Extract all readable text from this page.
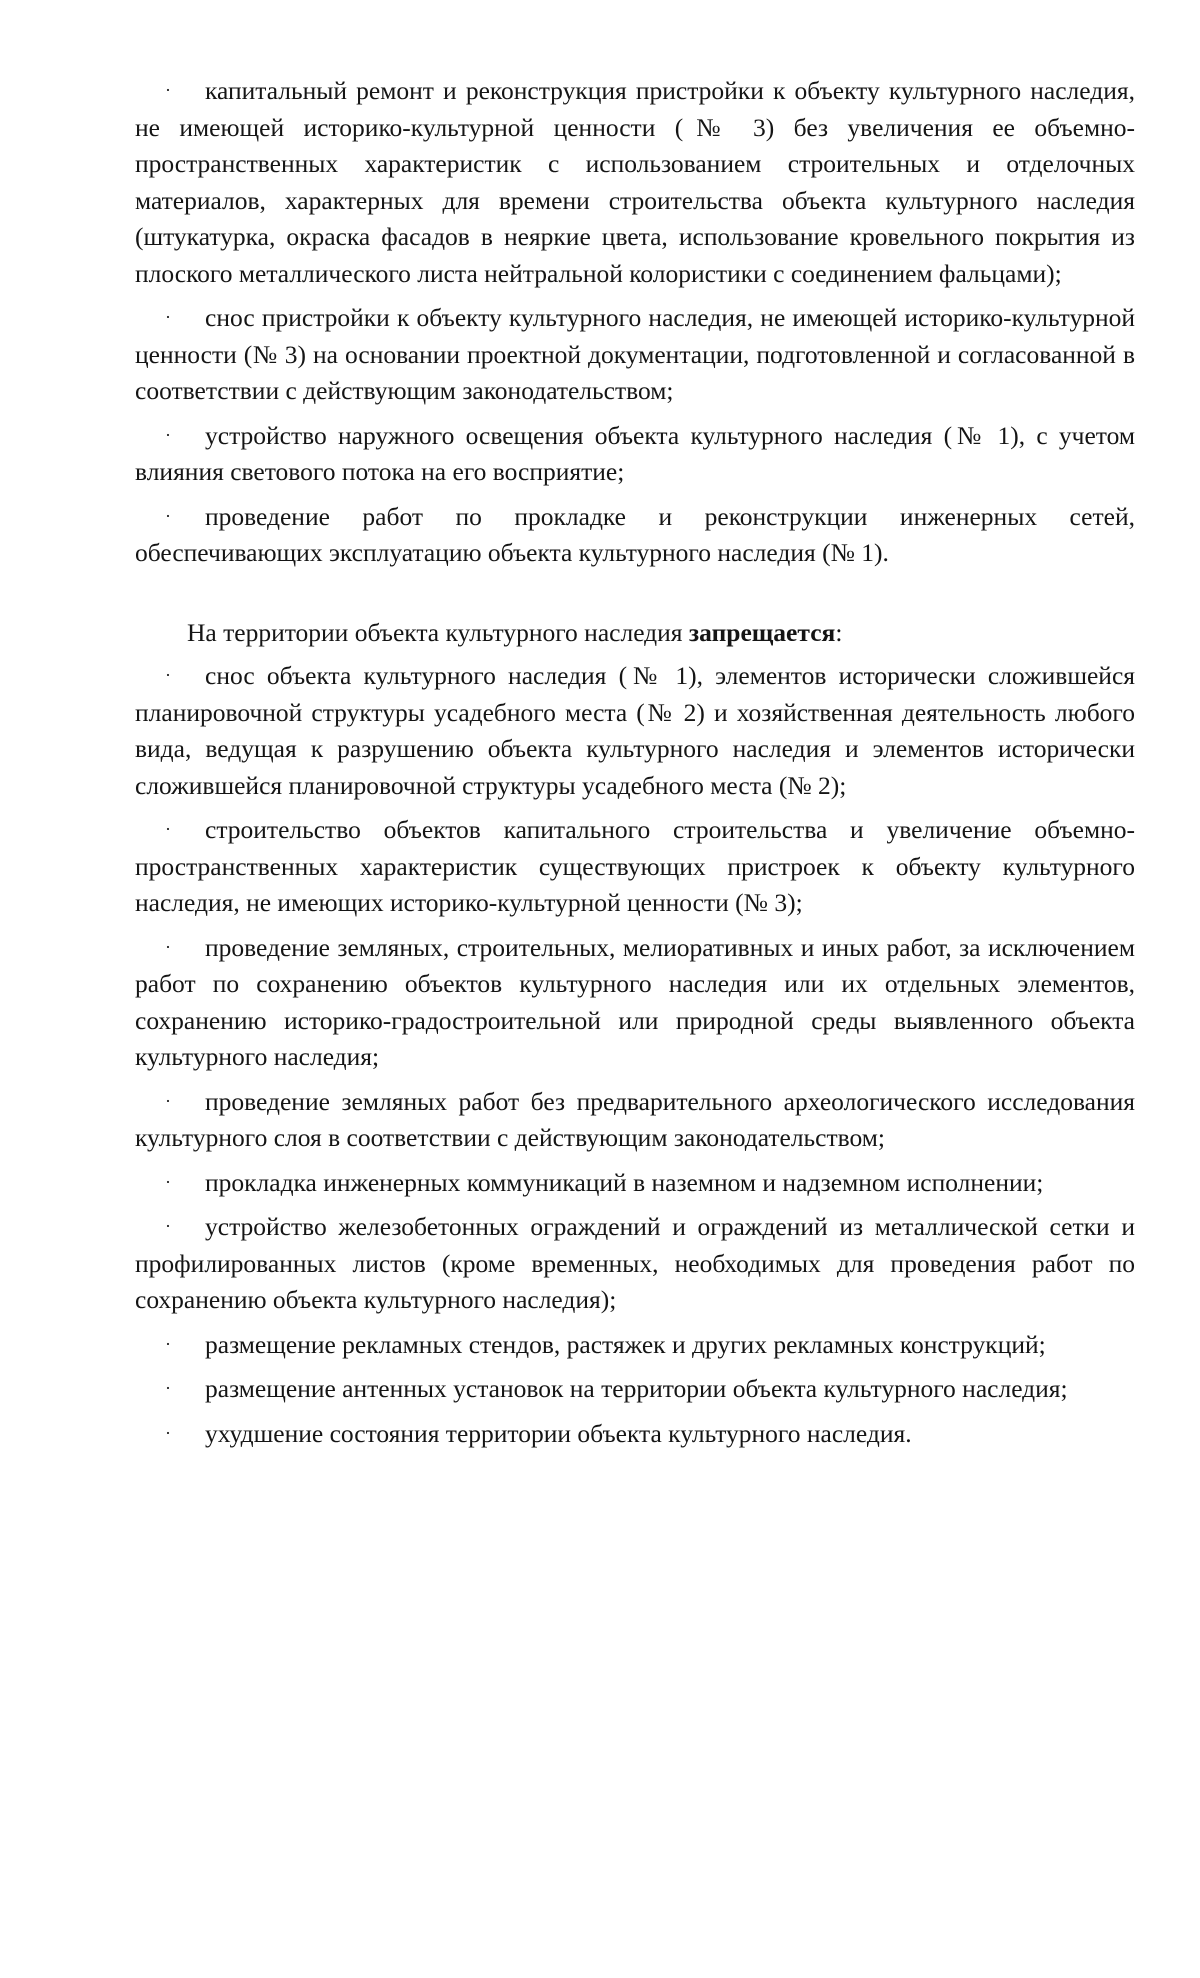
· капитальный ремонт и реконструкция пристройки к объекту культурного наследия, не имеющей историко-культурной ценности (№ 3) без увеличения ее объемно-пространственных характеристик с использованием строительных и отделочных материалов, характерных для времени строительства объекта культурного наследия (штукатурка, окраска фасадов в неяркие цвета, использование кровельного покрытия из плоского металлического листа нейтральной колористики с соединением фальцами);

· снос пристройки к объекту культурного наследия, не имеющей историко-культурной ценности (№ 3) на основании проектной документации, подготовленной и согласованной в соответствии с действующим законодательством;

· устройство наружного освещения объекта культурного наследия (№ 1), с учетом влияния светового потока на его восприятие;

· проведение работ по прокладке и реконструкции инженерных сетей, обеспечивающих эксплуатацию объекта культурного наследия (№ 1).

На территории объекта культурного наследия запрещается:

· снос объекта культурного наследия (№ 1), элементов исторически сложившейся планировочной структуры усадебного места (№ 2) и хозяйственная деятельность любого вида, ведущая к разрушению объекта культурного наследия и элементов исторически сложившейся планировочной структуры усадебного места (№ 2);

· строительство объектов капитального строительства и увеличение объемно-пространственных характеристик существующих пристроек к объекту культурного наследия, не имеющих историко-культурной ценности (№ 3);

· проведение земляных, строительных, мелиоративных и иных работ, за исключением работ по сохранению объектов культурного наследия или их отдельных элементов, сохранению историко-градостроительной или природной среды выявленного объекта культурного наследия;

· проведение земляных работ без предварительного археологического исследования культурного слоя в соответствии с действующим законодательством;

· прокладка инженерных коммуникаций в наземном и надземном исполнении;

· устройство железобетонных ограждений и ограждений из металлической сетки и профилированных листов (кроме временных, необходимых для проведения работ по сохранению объекта культурного наследия);

· размещение рекламных стендов, растяжек и других рекламных конструкций;

· размещение антенных установок на территории объекта культурного наследия;

· ухудшение состояния территории объекта культурного наследия.
